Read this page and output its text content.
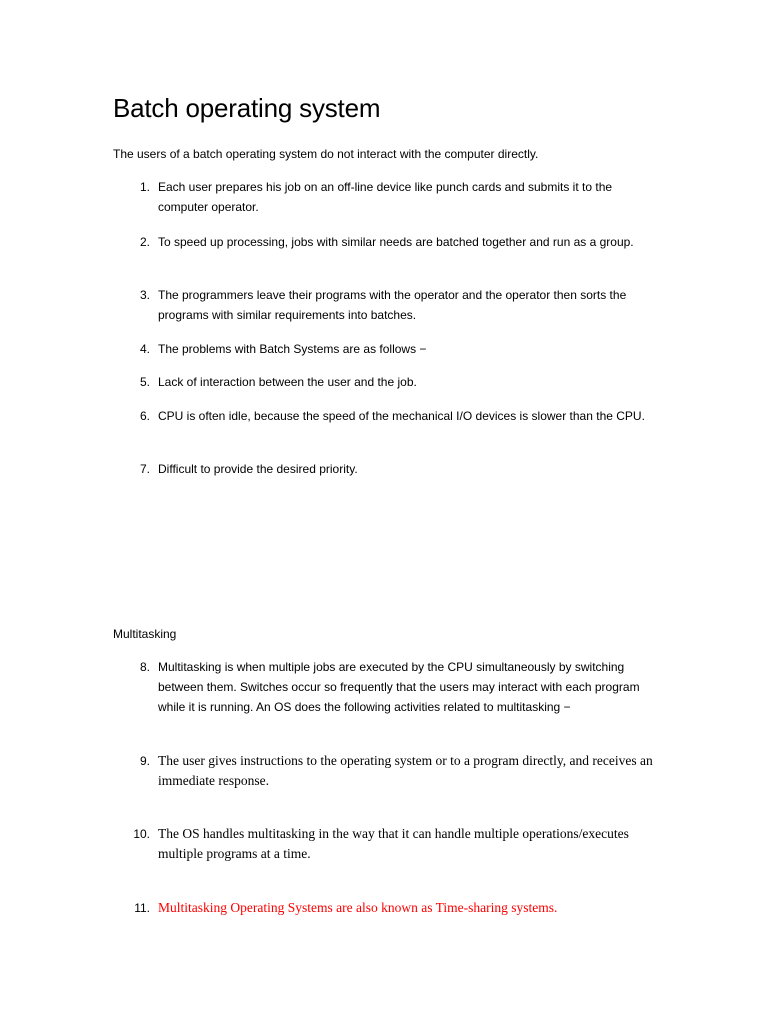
Batch operating system

The users of a batch operating system do not interact with the computer directly.

1. Each user prepares his job on an off-line device like punch cards and submits it to the computer operator.
2. To speed up processing, jobs with similar needs are batched together and run as a group.
3. The programmers leave their programs with the operator and the operator then sorts the programs with similar requirements into batches.
4. The problems with Batch Systems are as follows −
5. Lack of interaction between the user and the job.
6. CPU is often idle, because the speed of the mechanical I/O devices is slower than the CPU.
7. Difficult to provide the desired priority.

Multitasking

8. Multitasking is when multiple jobs are executed by the CPU simultaneously by switching between them. Switches occur so frequently that the users may interact with each program while it is running. An OS does the following activities related to multitasking −
9. The user gives instructions to the operating system or to a program directly, and receives an immediate response.
10. The OS handles multitasking in the way that it can handle multiple operations/executes multiple programs at a time.
11. Multitasking Operating Systems are also known as Time-sharing systems.
